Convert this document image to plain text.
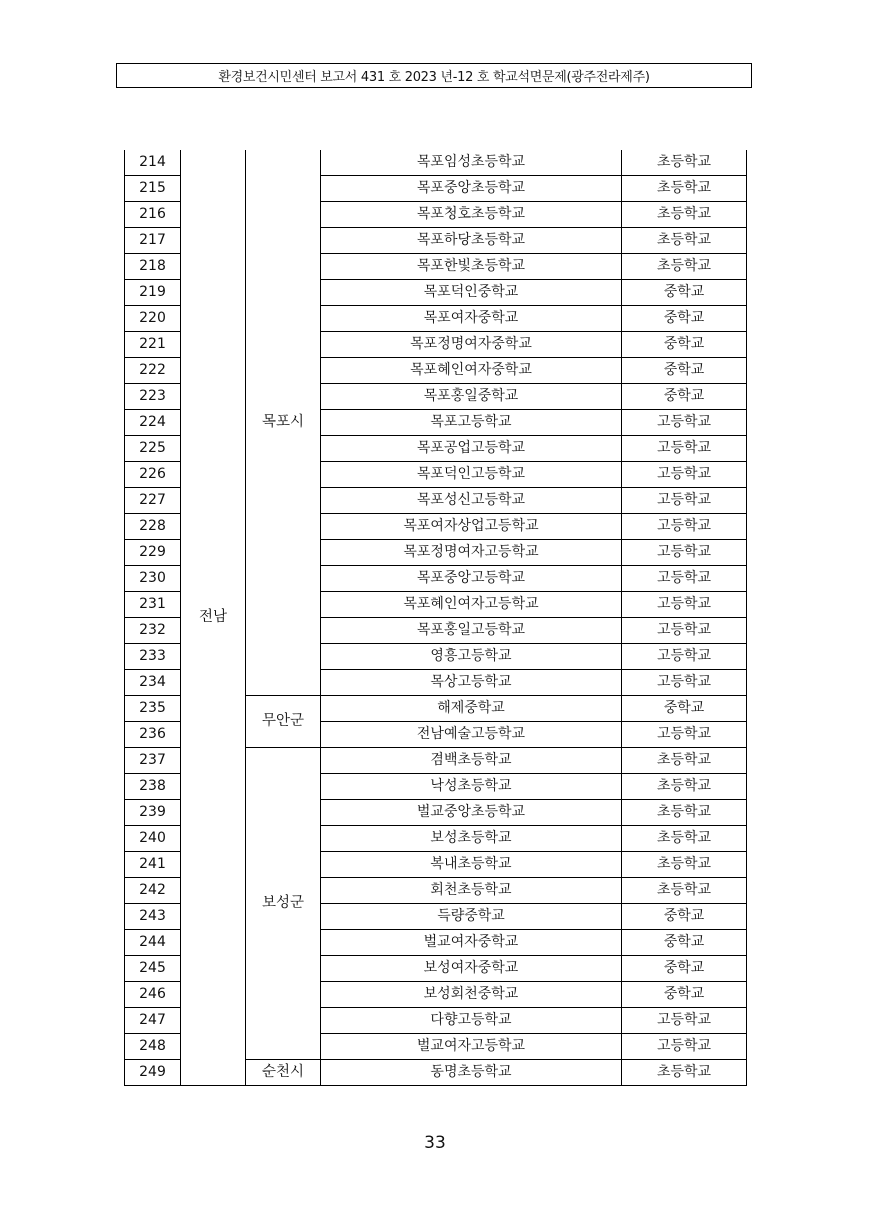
환경보건시민센터 보고서 431 호 2023 년-12 호 학교석면문제(광주전라제주)
214	전남	목포시	목포임성초등학교	초등학교
215			목포중앙초등학교	초등학교
216			목포청호초등학교	초등학교
217			목포하당초등학교	초등학교
218			목포한빛초등학교	초등학교
219			목포덕인중학교	중학교
220			목포여자중학교	중학교
221			목포정명여자중학교	중학교
222			목포혜인여자중학교	중학교
223			목포홍일중학교	중학교
224			목포고등학교	고등학교
225			목포공업고등학교	고등학교
226			목포덕인고등학교	고등학교
227			목포성신고등학교	고등학교
228			목포여자상업고등학교	고등학교
229			목포정명여자고등학교	고등학교
230			목포중앙고등학교	고등학교
231			목포혜인여자고등학교	고등학교
232			목포홍일고등학교	고등학교
233			영흥고등학교	고등학교
234			목상고등학교	고등학교
235		무안군	해제중학교	중학교
236			전남예술고등학교	고등학교
237		보성군	겸백초등학교	초등학교
238			낙성초등학교	초등학교
239			벌교중앙초등학교	초등학교
240			보성초등학교	초등학교
241			복내초등학교	초등학교
242			회천초등학교	초등학교
243			득량중학교	중학교
244			벌교여자중학교	중학교
245			보성여자중학교	중학교
246			보성회천중학교	중학교
247			다향고등학교	고등학교
248			벌교여자고등학교	고등학교
249		순천시	동명초등학교	초등학교
33
